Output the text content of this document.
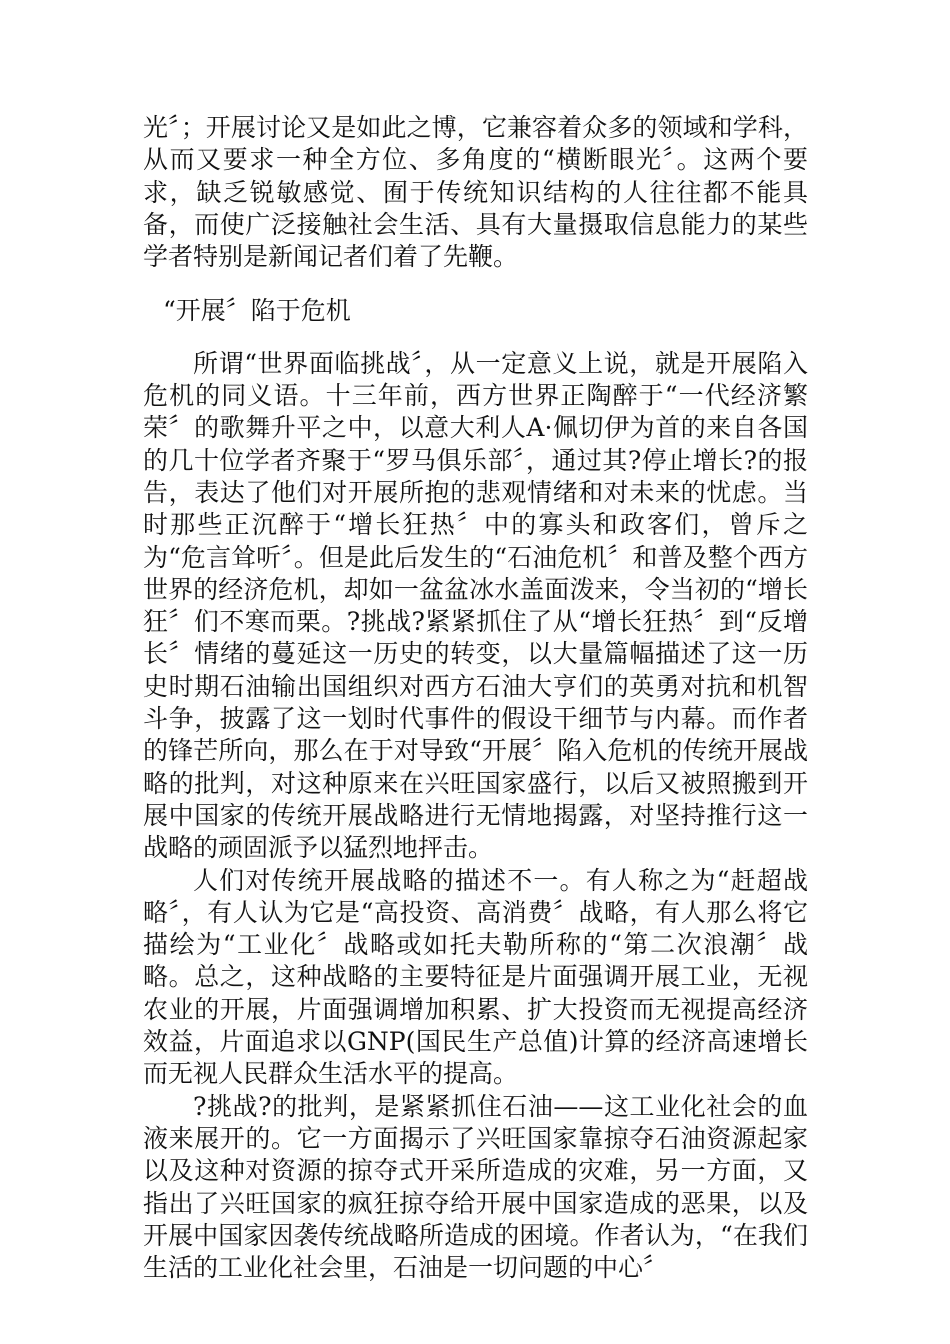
光〞；开展讨论又是如此之博，它兼容着众多的领域和学科，从而又要求一种全方位、多角度的“横断眼光〞。这两个要求，缺乏锐敏感觉、囿于传统知识结构的人往往都不能具备，而使广泛接触社会生活、具有大量摄取信息能力的某些学者特别是新闻记者们着了先鞭。

“开展〞陷于危机

所谓“世界面临挑战〞，从一定意义上说，就是开展陷入危机的同义语。十三年前，西方世界正陶醉于“一代经济繁荣〞的歌舞升平之中，以意大利人A·佩切伊为首的来自各国的几十位学者齐聚于“罗马俱乐部〞，通过其?停止增长?的报告，表达了他们对开展所抱的悲观情绪和对未来的忧虑。当时那些正沉醉于“增长狂热〞中的寡头和政客们，曾斥之为“危言耸听〞。但是此后发生的“石油危机〞和普及整个西方世界的经济危机，却如一盆盆冰水盖面泼来，令当初的“增长狂〞们不寒而栗。?挑战?紧紧抓住了从“增长狂热〞到“反增长〞情绪的蔓延这一历史的转变，以大量篇幅描述了这一历史时期石油输出国组织对西方石油大亨们的英勇对抗和机智斗争，披露了这一划时代事件的假设干细节与内幕。而作者的锋芒所向，那么在于对导致“开展〞陷入危机的传统开展战略的批判，对这种原来在兴旺国家盛行，以后又被照搬到开展中国家的传统开展战略进行无情地揭露，对坚持推行这一战略的顽固派予以猛烈地抨击。

人们对传统开展战略的描述不一。有人称之为“赶超战略〞，有人认为它是“高投资、高消费〞战略，有人那么将它描绘为“工业化〞战略或如托夫勒所称的“第二次浪潮〞战略。总之，这种战略的主要特征是片面强调开展工业，无视农业的开展，片面强调增加积累、扩大投资而无视提高经济效益，片面追求以GNP(国民生产总值)计算的经济高速增长而无视人民群众生活水平的提高。

?挑战?的批判，是紧紧抓住石油——这工业化社会的血液来展开的。它一方面揭示了兴旺国家靠掠夺石油资源起家以及这种对资源的掠夺式开采所造成的灾难，另一方面，又指出了兴旺国家的疯狂掠夺给开展中国家造成的恶果，以及开展中国家因袭传统战略所造成的困境。作者认为，“在我们生活的工业化社会里，石油是一切问题的中心〞
